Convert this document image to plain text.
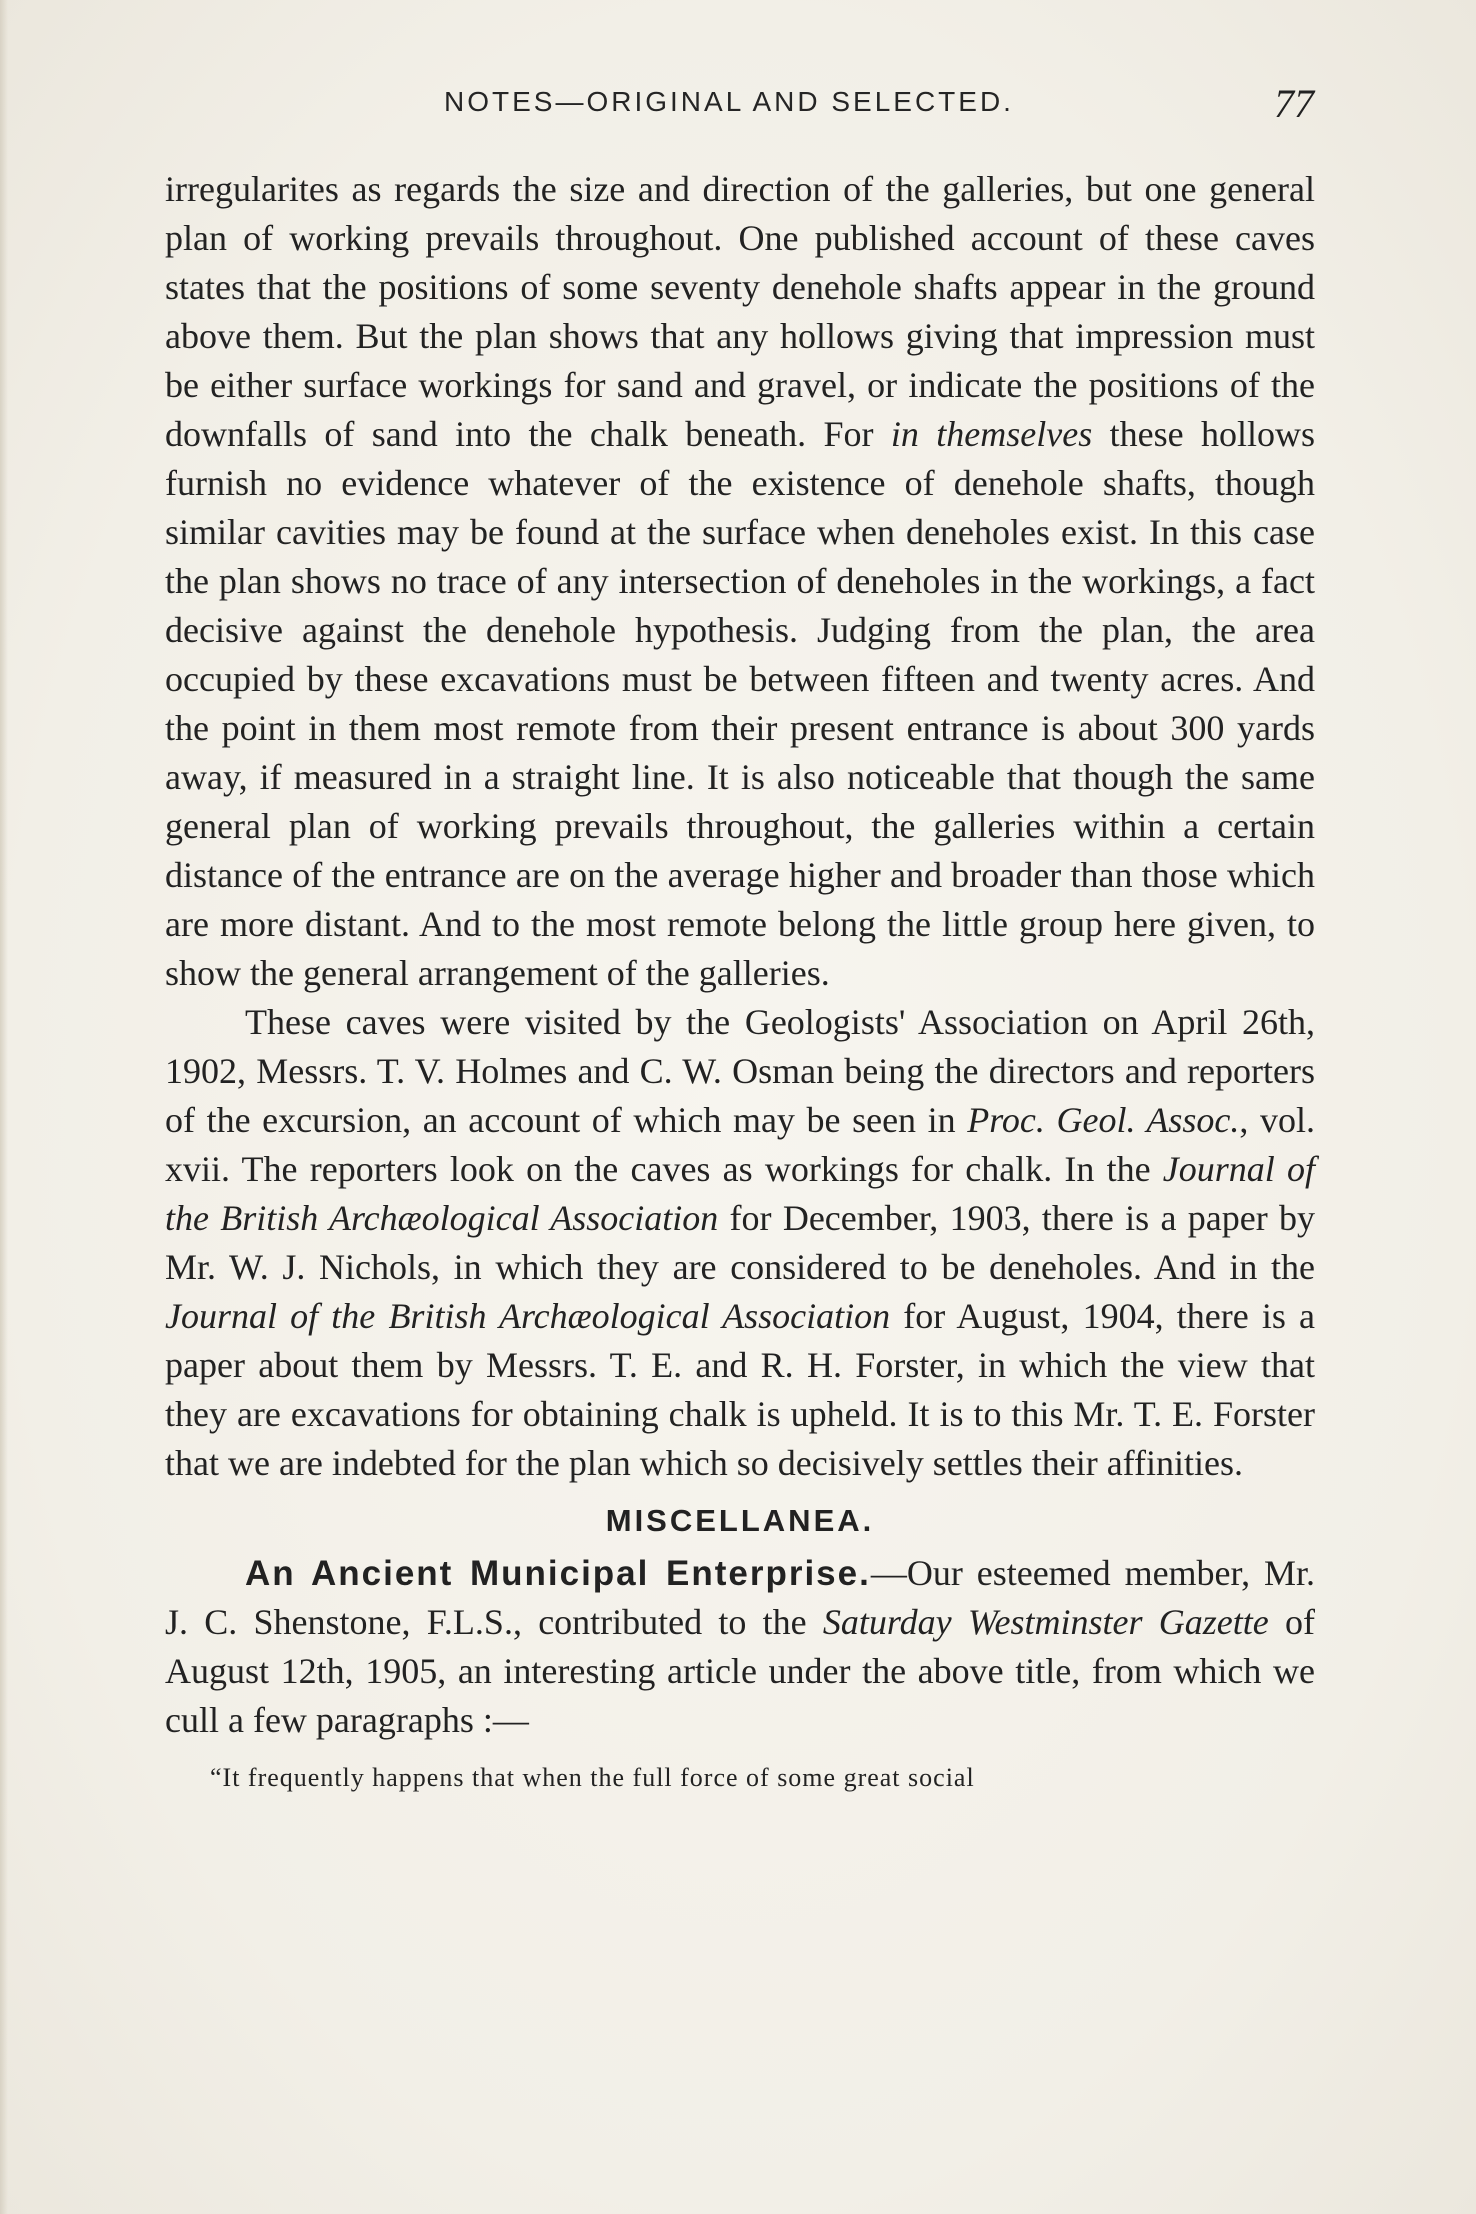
NOTES—ORIGINAL AND SELECTED.	77

irregularites as regards the size and direction of the galleries, but one general plan of working prevails throughout. One published account of these caves states that the positions of some seventy denehole shafts appear in the ground above them. But the plan shows that any hollows giving that impression must be either surface workings for sand and gravel, or indicate the positions of the downfalls of sand into the chalk beneath. For in themselves these hollows furnish no evidence whatever of the existence of denehole shafts, though similar cavities may be found at the surface when deneholes exist. In this case the plan shows no trace of any intersection of deneholes in the workings, a fact decisive against the denehole hypothesis. Judging from the plan, the area occupied by these excavations must be between fifteen and twenty acres. And the point in them most remote from their present entrance is about 300 yards away, if measured in a straight line. It is also noticeable that though the same general plan of working prevails throughout, the galleries within a certain distance of the entrance are on the average higher and broader than those which are more distant. And to the most remote belong the little group here given, to show the general arrangement of the galleries.

These caves were visited by the Geologists' Association on April 26th, 1902, Messrs. T. V. Holmes and C. W. Osman being the directors and reporters of the excursion, an account of which may be seen in Proc. Geol. Assoc., vol. xvii. The reporters look on the caves as workings for chalk. In the Journal of the British Archæological Association for December, 1903, there is a paper by Mr. W. J. Nichols, in which they are considered to be deneholes. And in the Journal of the British Archæological Association for August, 1904, there is a paper about them by Messrs. T. E. and R. H. Forster, in which the view that they are excavations for obtaining chalk is upheld. It is to this Mr. T. E. Forster that we are indebted for the plan which so decisively settles their affinities.

MISCELLANEA.

An Ancient Municipal Enterprise.—Our esteemed member, Mr. J. C. Shenstone, F.L.S., contributed to the Saturday Westminster Gazette of August 12th, 1905, an interesting article under the above title, from which we cull a few paragraphs :—

“It frequently happens that when the full force of some great social
